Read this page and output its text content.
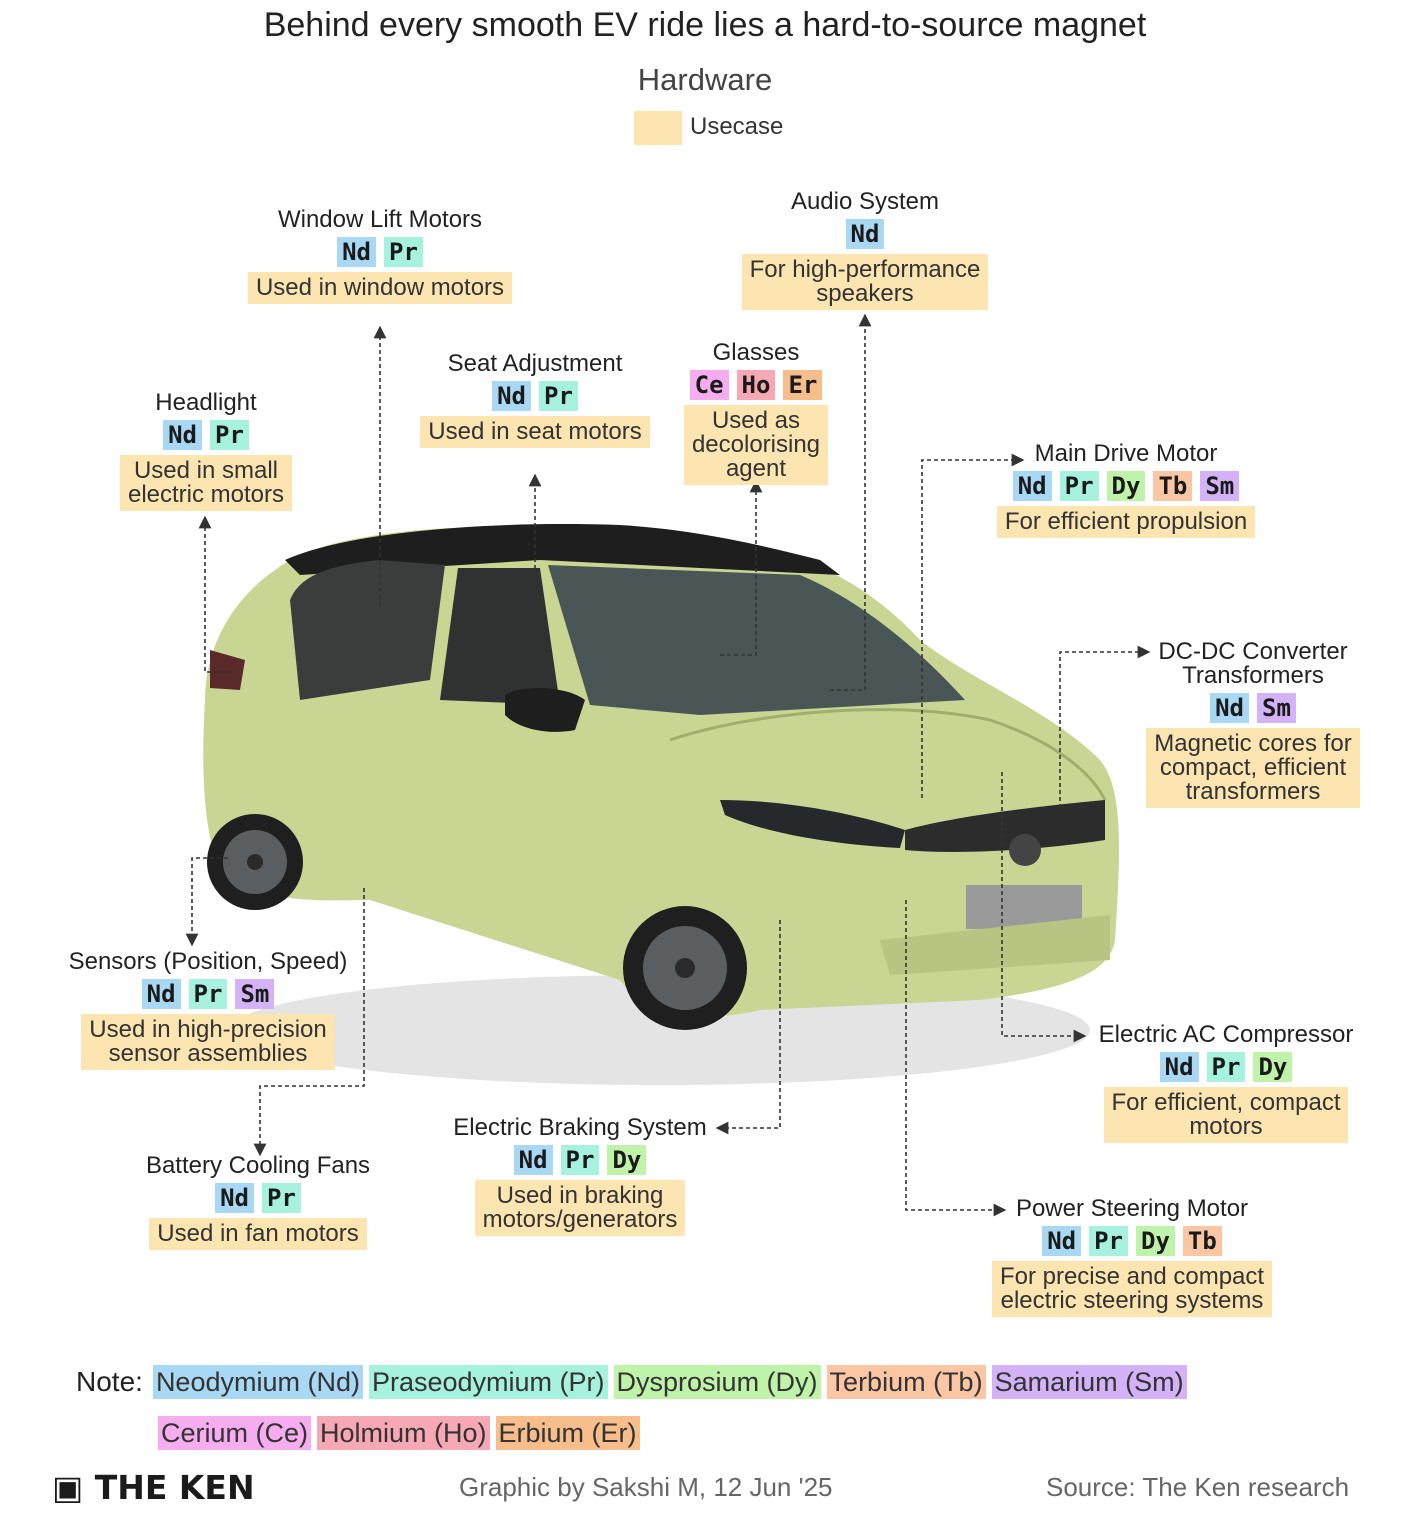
Behind every smooth EV ride lies a hard-to-source magnet
Hardware
Usecase
Window Lift Motors
Nd Pr
Used in window motors
Audio System
Nd
For high-performance
speakers
Seat Adjustment
Nd Pr
Used in seat motors
Glasses
Ce Ho Er
Used as
decolorising
agent
Headlight
Nd Pr
Used in small
electric motors
Main Drive Motor
Nd Pr Dy Tb Sm
For efficient propulsion
DC-DC Converter
Transformers
Nd Sm
Magnetic cores for
compact, efficient
transformers
Sensors (Position, Speed)
Nd Pr Sm
Used in high-precision
sensor assemblies
Electric AC Compressor
Nd Pr Dy
For efficient, compact
motors
Electric Braking System
Nd Pr Dy
Used in braking
motors/generators
Battery Cooling Fans
Nd Pr
Used in fan motors
Power Steering Motor
Nd Pr Dy Tb
For precise and compact
electric steering systems
Note: Neodymium (Nd) Praseodymium (Pr) Dysprosium (Dy) Terbium (Tb) Samarium (Sm)
Cerium (Ce) Holmium (Ho) Erbium (Er)
▣ THE KEN	Graphic by Sakshi M, 12 Jun '25	Source: The Ken research
